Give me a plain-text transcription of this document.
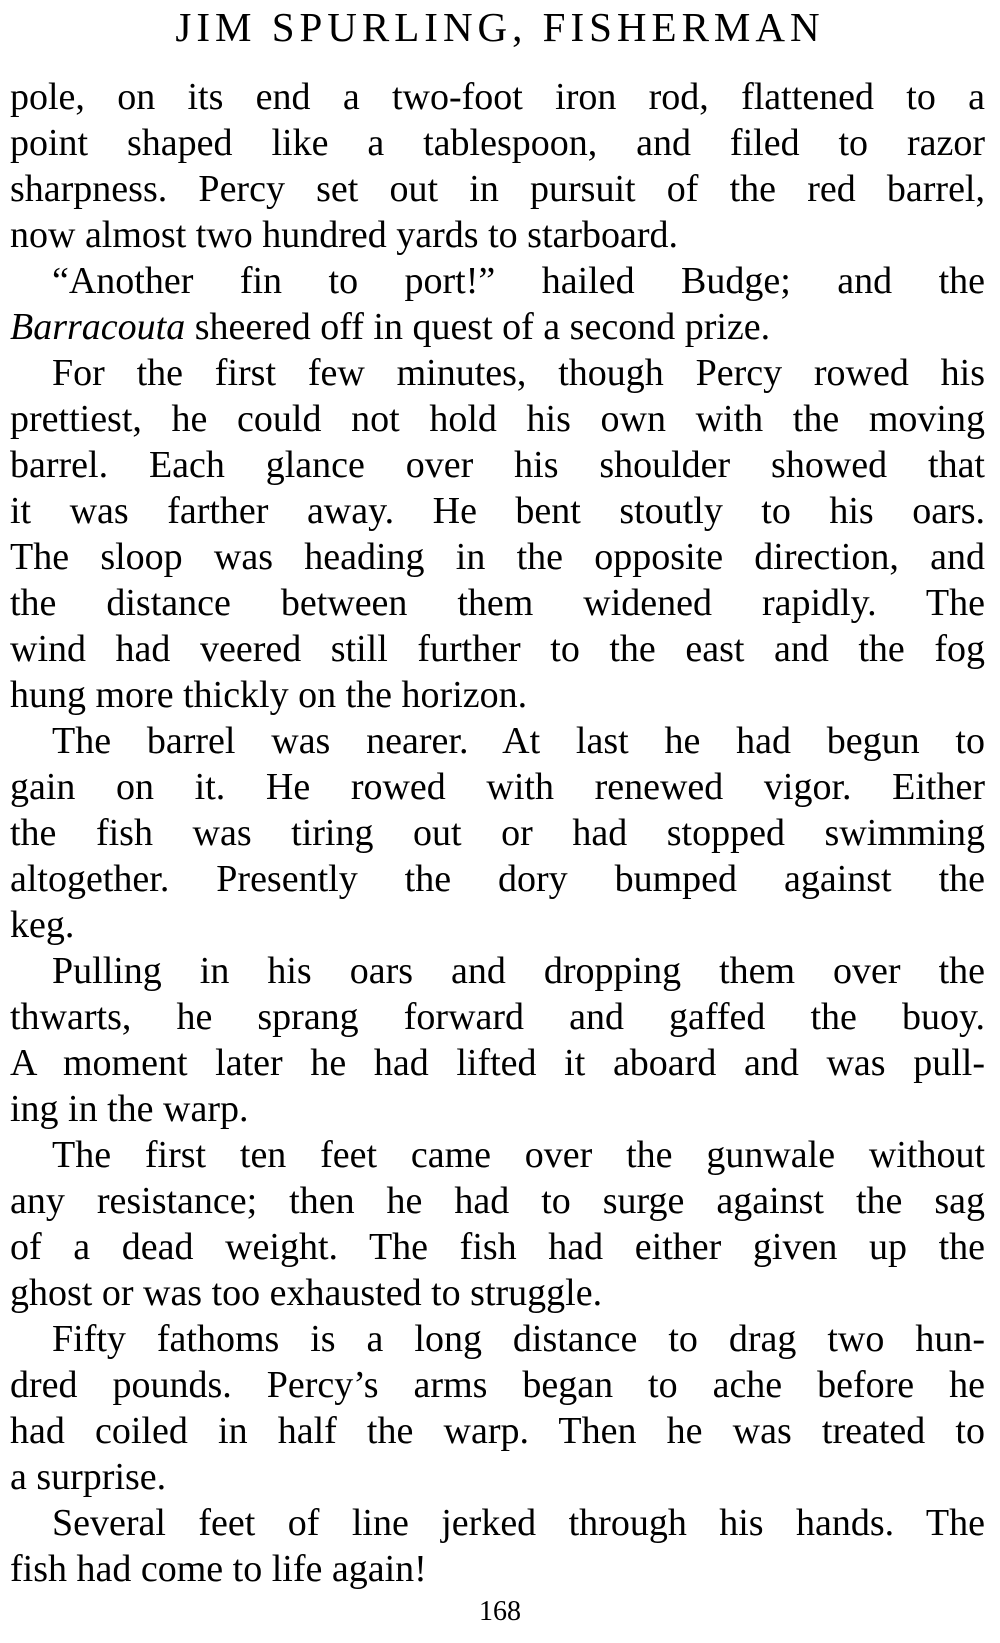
JIM SPURLING, FISHERMAN
pole, on its end a two-foot iron rod, flattened to a
point shaped like a tablespoon, and filed to razor
sharpness. Percy set out in pursuit of the red barrel,
now almost two hundred yards to starboard.
“Another fin to port!” hailed Budge; and the
Barracouta sheered off in quest of a second prize.
For the first few minutes, though Percy rowed his
prettiest, he could not hold his own with the moving
barrel. Each glance over his shoulder showed that
it was farther away. He bent stoutly to his oars.
The sloop was heading in the opposite direction, and
the distance between them widened rapidly. The
wind had veered still further to the east and the fog
hung more thickly on the horizon.
The barrel was nearer. At last he had begun to
gain on it. He rowed with renewed vigor. Either
the fish was tiring out or had stopped swimming
altogether. Presently the dory bumped against the
keg.
Pulling in his oars and dropping them over the
thwarts, he sprang forward and gaffed the buoy.
A moment later he had lifted it aboard and was pull-
ing in the warp.
The first ten feet came over the gunwale without
any resistance; then he had to surge against the sag
of a dead weight. The fish had either given up the
ghost or was too exhausted to struggle.
Fifty fathoms is a long distance to drag two hun-
dred pounds. Percy’s arms began to ache before he
had coiled in half the warp. Then he was treated to
a surprise.
Several feet of line jerked through his hands. The
fish had come to life again!
168
